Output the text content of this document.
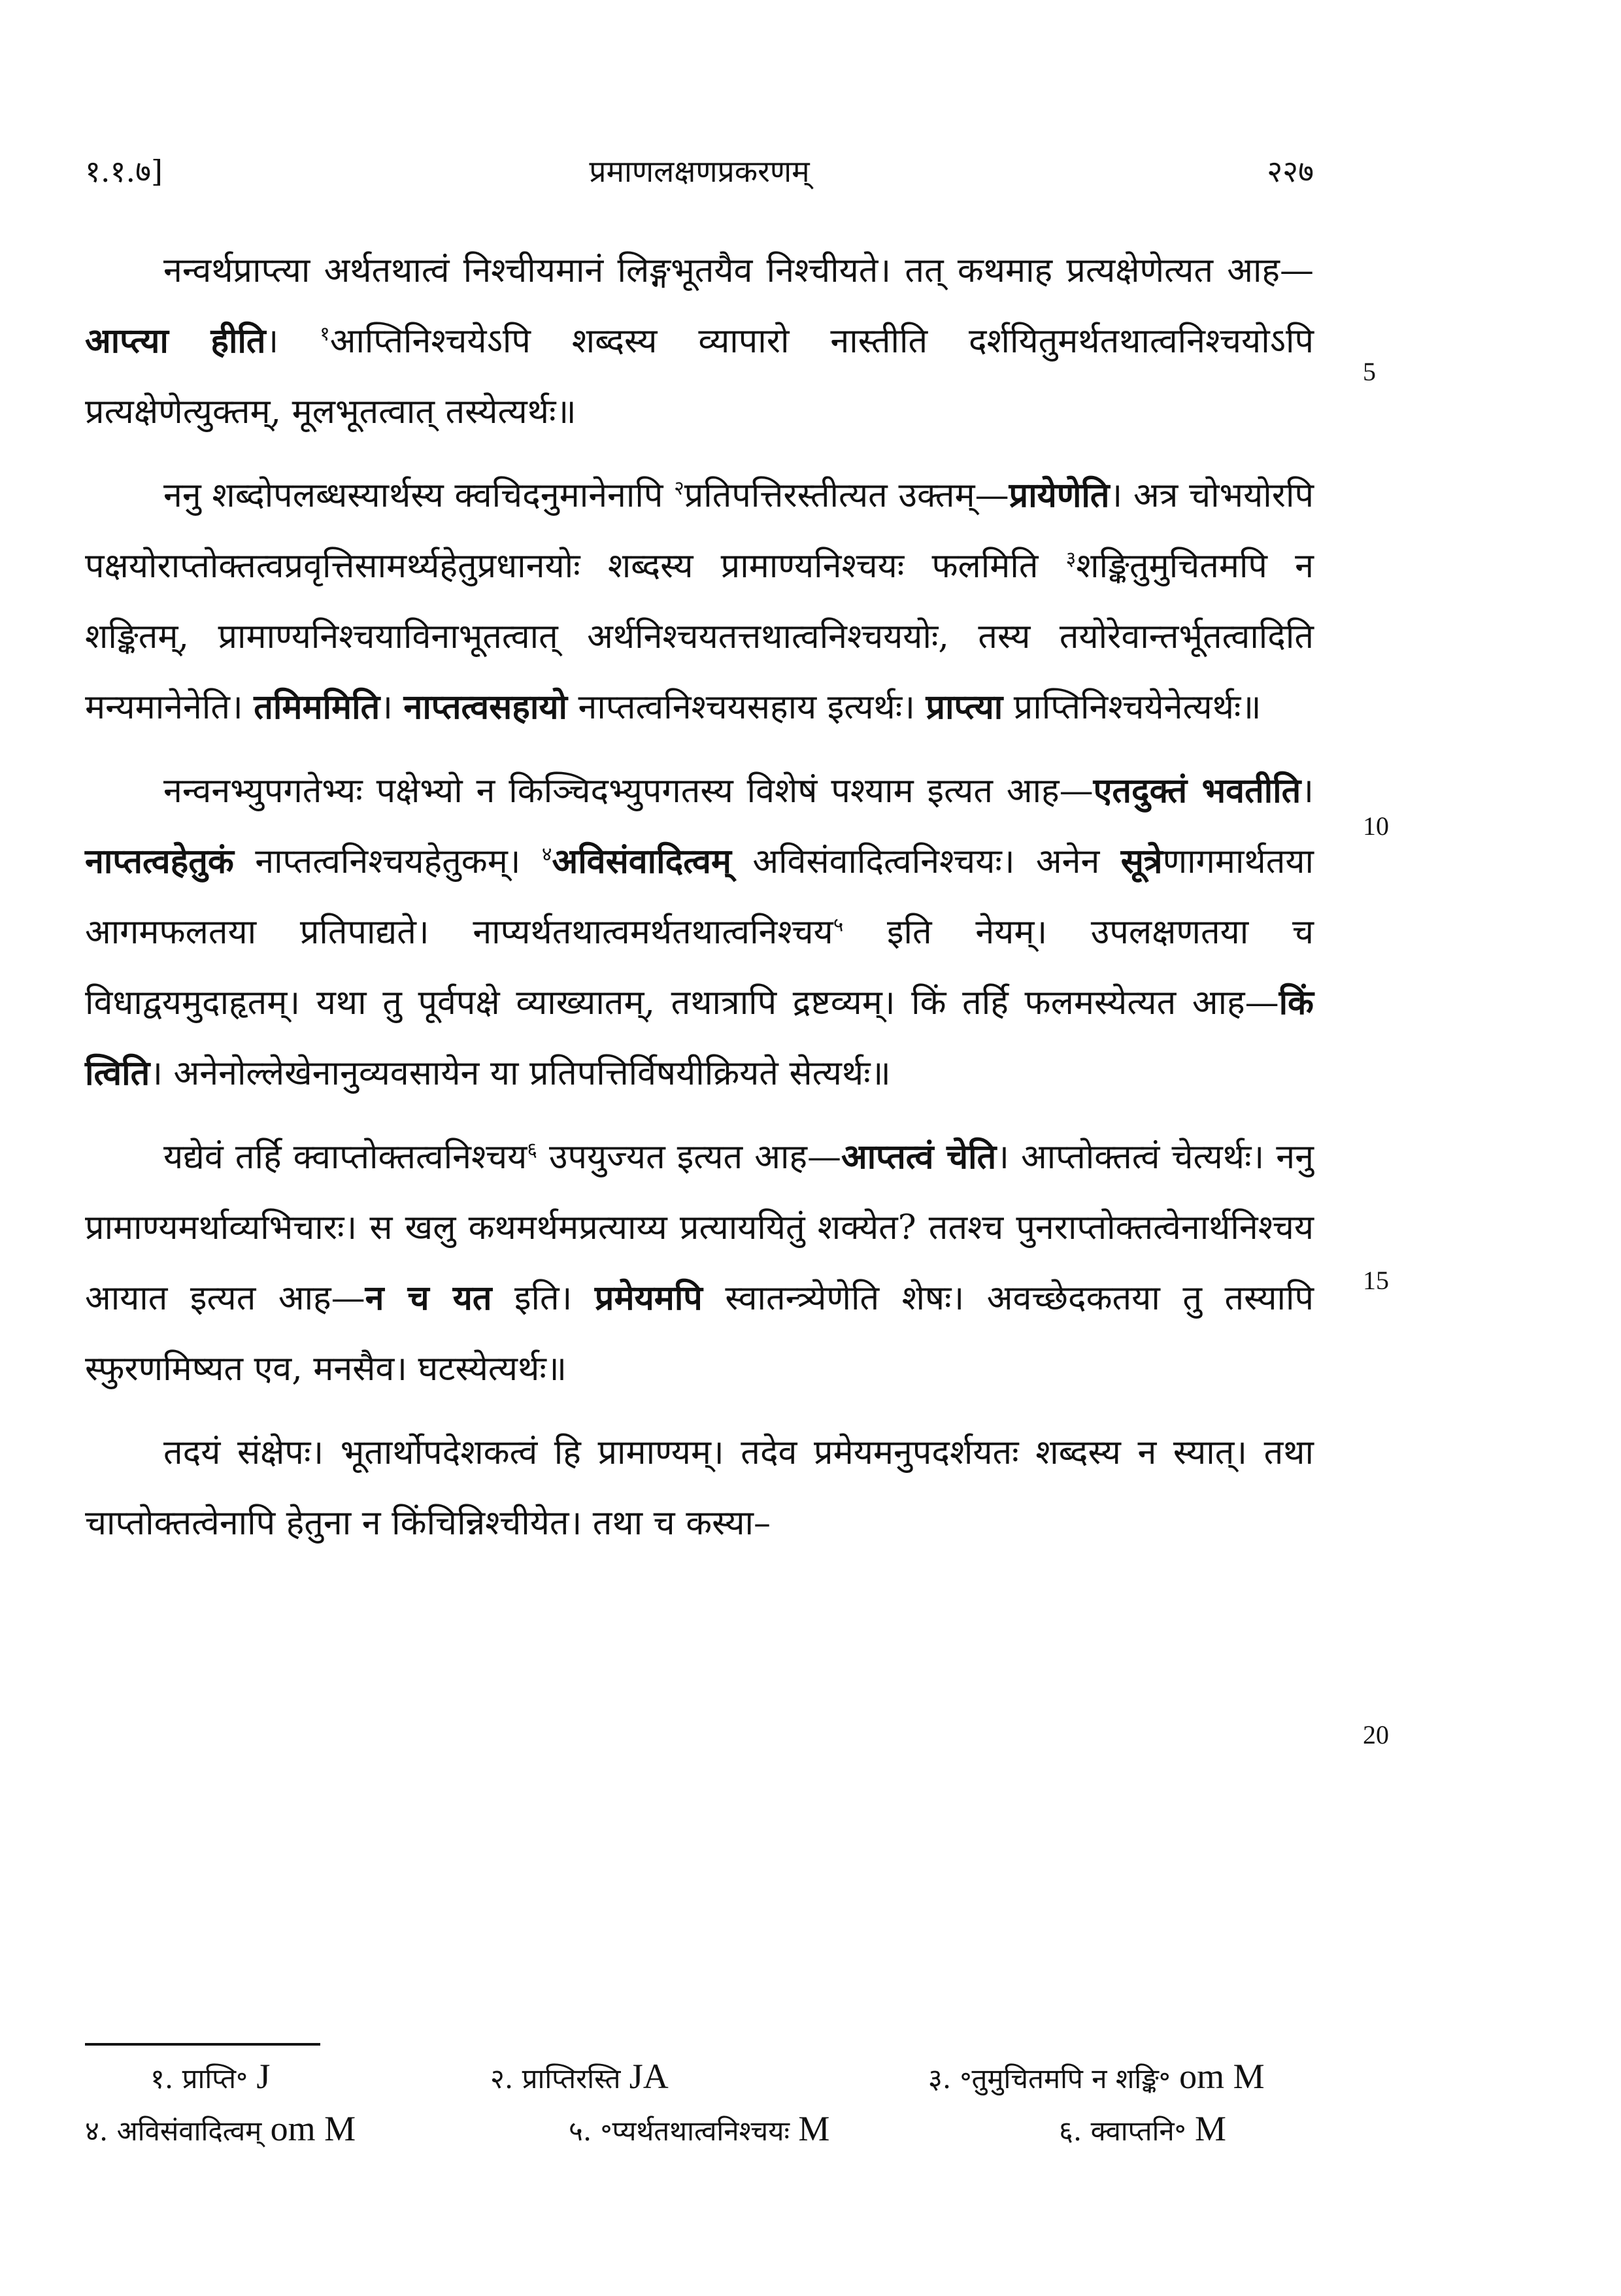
१.१.७]	प्रमाणलक्षणप्रकरणम्	२२७

नन्वर्थप्राप्त्या अर्थतथात्वं निश्चीयमानं लिङ्गभूतयैव निश्चीयते। तत् कथमाह प्रत्यक्षेणेत्यत आह—आप्त्या हीति। $^१$आप्तिनिश्चयेऽपि शब्दस्य व्यापारो नास्तीति दर्शयितुमर्थतथात्वनिश्चयोऽपि प्रत्यक्षेणेत्युक्तम्, मूलभूतत्वात् तस्येत्यर्थः॥

ननु शब्दोपलब्धस्यार्थस्य क्वचिदनुमानेनापि $^२$प्रतिपत्तिरस्तीत्यत उक्तम्—प्रायेणेति। अत्र चोभयोरपि पक्षयोराप्तोक्तत्वप्रवृत्तिसामर्थ्यहेतुप्रधानयोः शब्दस्य प्रामाण्यनिश्चयः फलमिति $^३$शङ्कितुमुचितमपि न शङ्कितम्, प्रामाण्यनिश्चयाविनाभूतत्वात् अर्थनिश्चयतत्तथात्वनिश्चययोः, तस्य तयोरेवान्तर्भूतत्वादिति मन्यमानेनेति। तमिममिति। नाप्तत्वसहायो नाप्तत्वनिश्चयसहाय इत्यर्थः। प्राप्त्या प्राप्तिनिश्चयेनेत्यर्थः॥

नन्वनभ्युपगतेभ्यः पक्षेभ्यो न किञ्चिदभ्युपगतस्य विशेषं पश्याम इत्यत आह—एतदुक्तं भवतीति। नाप्तत्वहेतुकं नाप्तत्वनिश्चयहेतुकम्। $^४$अविसंवादित्वम् अविसंवादित्वनिश्चयः। अनेन सूत्रेणागमार्थतया आगमफलतया प्रतिपाद्यते। नाप्यर्थतथात्वमर्थतथात्वनिश्चय$^५$ इति नेयम्। उपलक्षणतया च विधाद्वयमुदाहृतम्। यथा तु पूर्वपक्षे व्याख्यातम्, तथात्रापि द्रष्टव्यम्। किं तर्हि फलमस्येत्यत आह—किं त्विति। अनेनोल्लेखेनानुव्यवसायेन या प्रतिपत्तिर्विषयीक्रियते सेत्यर्थः॥

यद्येवं तर्हि क्वाप्तोक्तत्वनिश्चय$^६$ उपयुज्यत इत्यत आह—आप्तत्वं चेति। आप्तोक्तत्वं चेत्यर्थः। ननु प्रामाण्यमर्थाव्यभिचारः। स खलु कथमर्थमप्रत्याय्य प्रत्याययितुं शक्येत? ततश्च पुनराप्तोक्तत्वेनार्थनिश्चय आयात इत्यत आह—न च यत इति। प्रमेयमपि स्वातन्त्र्येणेति शेषः। अवच्छेदकतया तु तस्यापि स्फुरणमिष्यत एव, मनसैव। घटस्येत्यर्थः॥

तदयं संक्षेपः। भूतार्थोपदेशकत्वं हि प्रामाण्यम्। तदेव प्रमेयमनुपदर्शयतः शब्दस्य न स्यात्। तथा चाप्तोक्तत्वेनापि हेतुना न किंचिन्निश्चीयेत। तथा च कस्या–

5
10
15
20
१. प्राप्ति॰ J	२. प्राप्तिरस्ति JA	३. ॰तुमुचितमपि न शङ्कि॰ om M
४. अविसंवादित्वम् om M	५. ॰प्यर्थतथात्वनिश्चयः M	६. क्वाप्तनि॰ M
